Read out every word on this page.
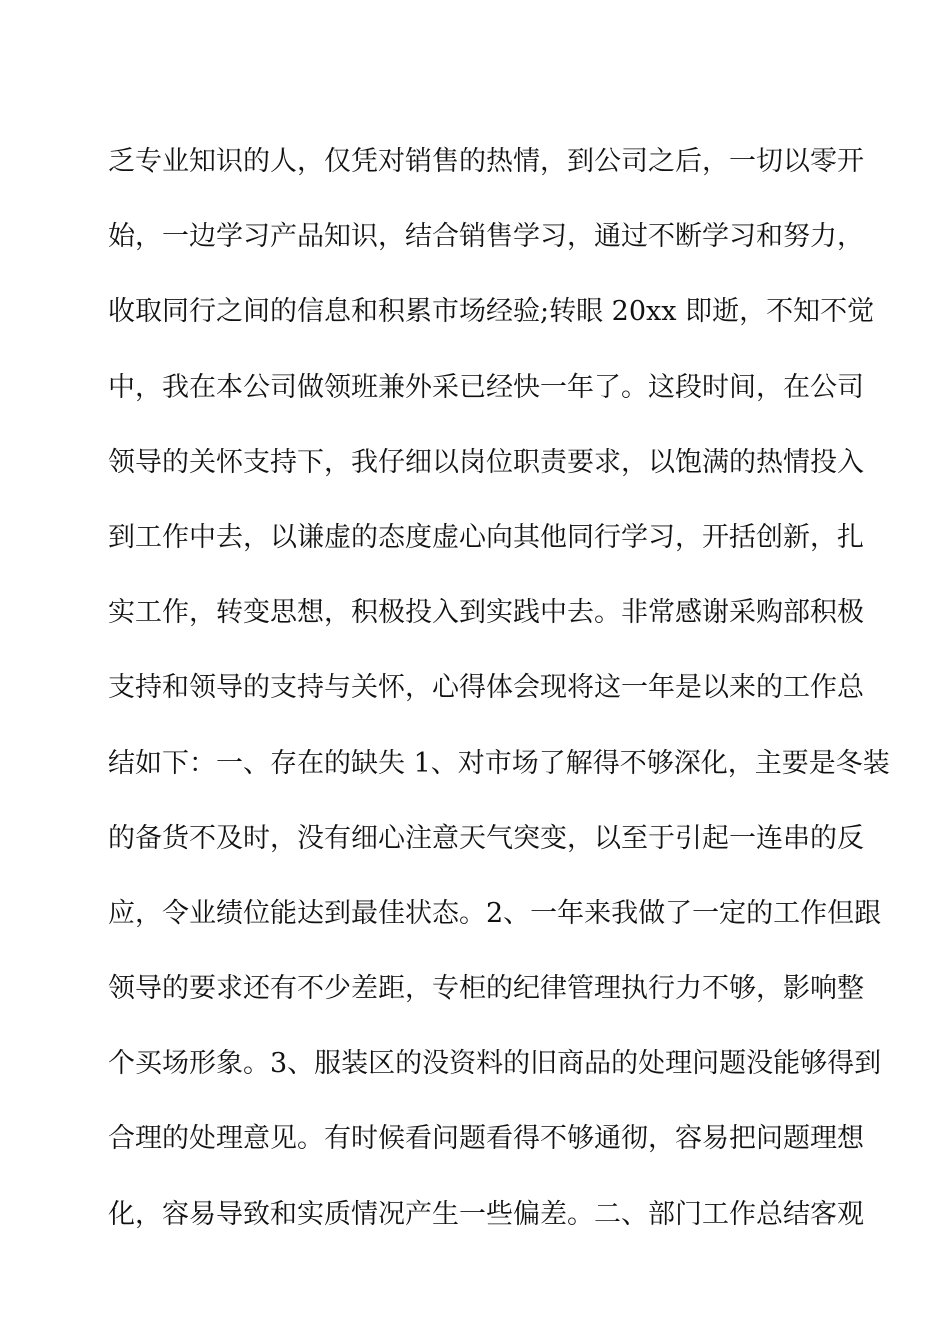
乏专业知识的人，仅凭对销售的热情，到公司之后，一切以零开
始，一边学习产品知识，结合销售学习，通过不断学习和努力，
收取同行之间的信息和积累市场经验;转眼 20xx 即逝，不知不觉
中，我在本公司做领班兼外采已经快一年了。这段时间，在公司
领导的关怀支持下，我仔细以岗位职责要求，以饱满的热情投入
到工作中去，以谦虚的态度虚心向其他同行学习，开括创新，扎
实工作，转变思想，积极投入到实践中去。非常感谢采购部积极
支持和领导的支持与关怀，心得体会现将这一年是以来的工作总
结如下：一、存在的缺失 1、对市场了解得不够深化，主要是冬装
的备货不及时，没有细心注意天气突变，以至于引起一连串的反
应，令业绩位能达到最佳状态。2、一年来我做了一定的工作但跟
领导的要求还有不少差距，专柜的纪律管理执行力不够，影响整
个买场形象。3、服装区的没资料的旧商品的处理问题没能够得到
合理的处理意见。有时候看问题看得不够通彻，容易把问题理想
化，容易导致和实质情况产生一些偏差。二、部门工作总结客观
